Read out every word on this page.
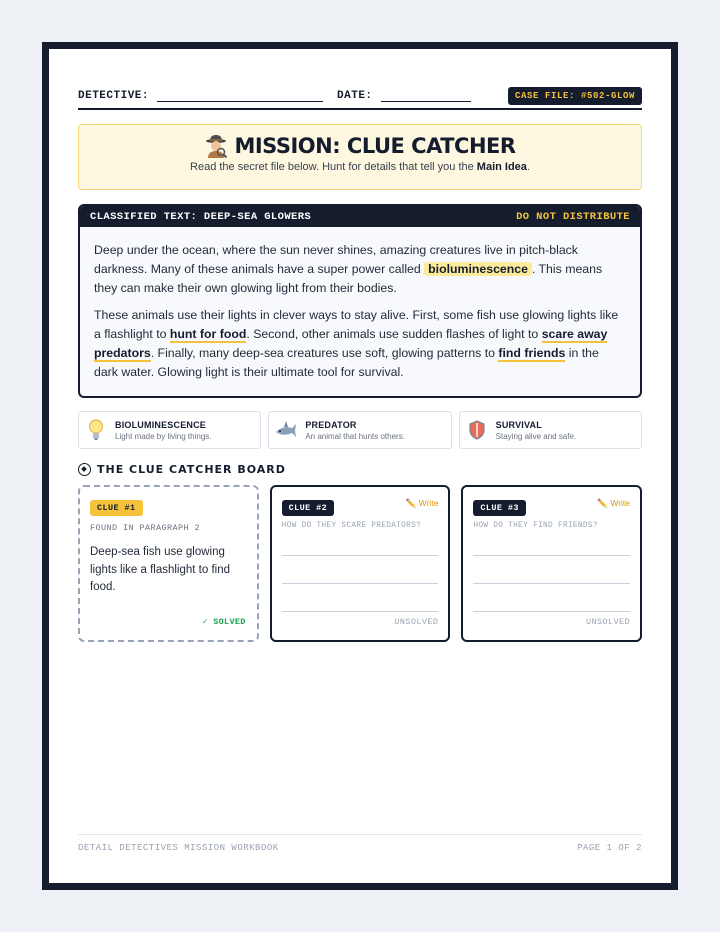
DETECTIVE:	DATE:	CASE FILE: #502-GLOW
MISSION: CLUE CATCHER
Read the secret file below. Hunt for details that tell you the Main Idea.
CLASSIFIED TEXT: DEEP-SEA GLOWERS	DO NOT DISTRIBUTE

Deep under the ocean, where the sun never shines, amazing creatures live in pitch-black darkness. Many of these animals have a super power called bioluminescence . This means they can make their own glowing light from their bodies.

These animals use their lights in clever ways to stay alive. First, some fish use glowing lights like a flashlight to hunt for food. Second, other animals use sudden flashes of light to scare away predators. Finally, many deep-sea creatures use soft, glowing patterns to find friends in the dark water. Glowing light is their ultimate tool for survival.

BIOLUMINESCENCE
Light made by living things.
PREDATOR
An animal that hunts others.
SURVIVAL
Staying alive and safe.
THE CLUE CATCHER BOARD
CLUE #1
FOUND IN PARAGRAPH 2
Deep-sea fish use glowing lights like a flashlight to find food.
✓ SOLVED
CLUE #2	✏️ Write
HOW DO THEY SCARE PREDATORS?
UNSOLVED
CLUE #3	✏️ Write
HOW DO THEY FIND FRIENDS?
UNSOLVED
DETAIL DETECTIVES MISSION WORKBOOK	PAGE 1 OF 2
